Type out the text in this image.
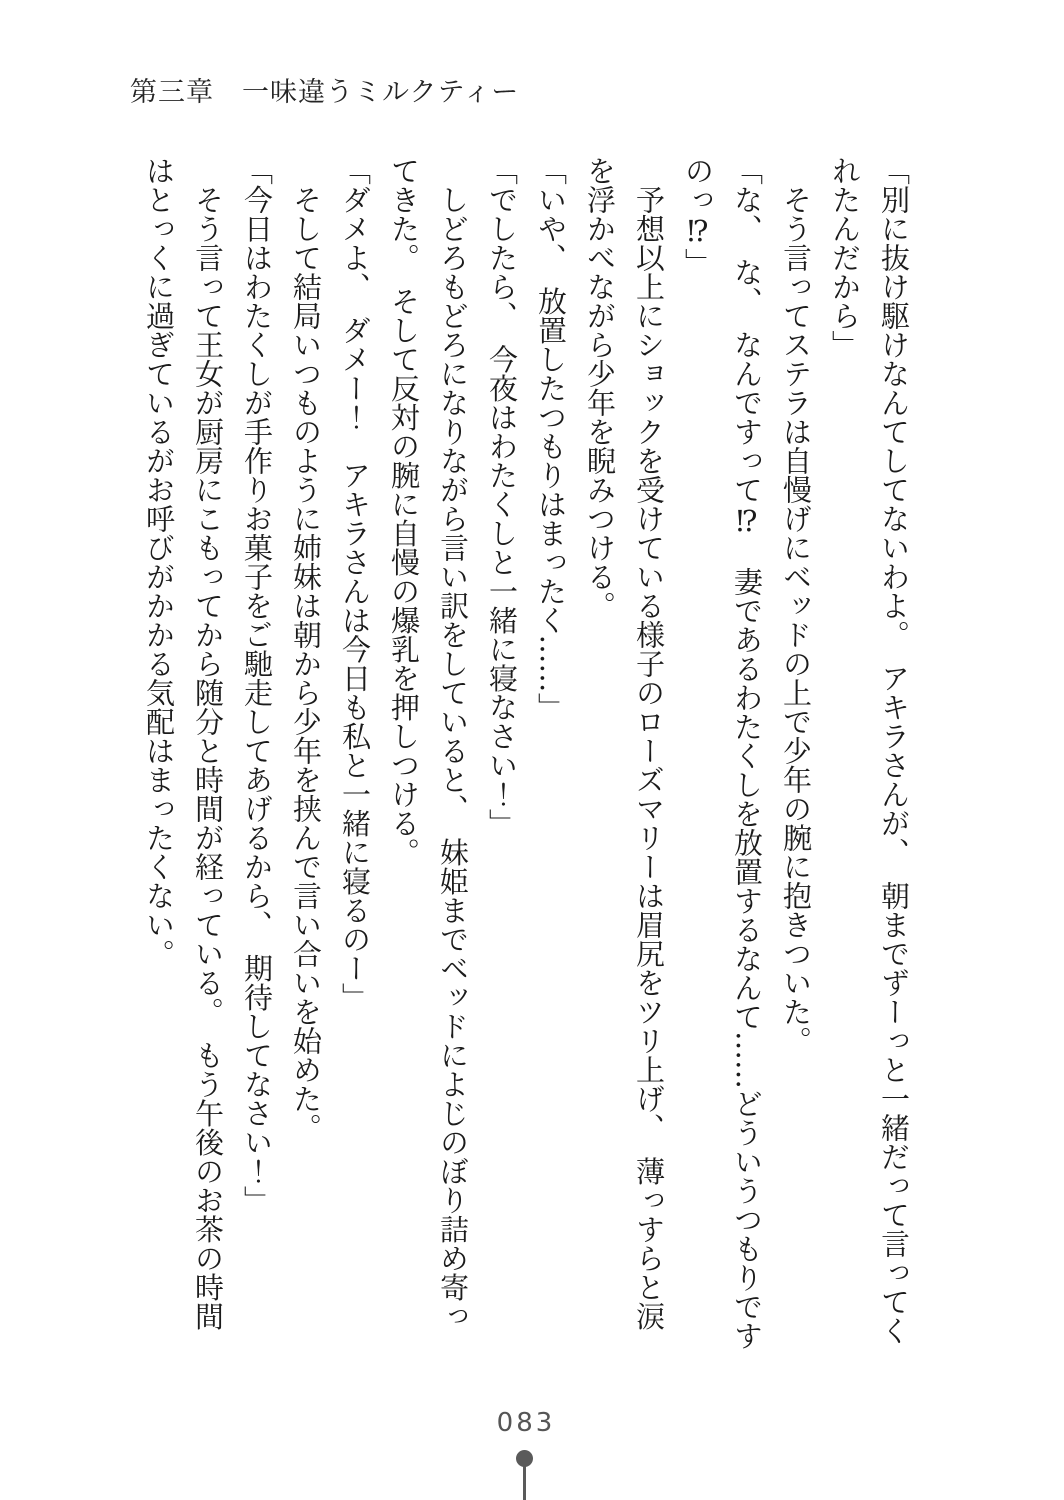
第三章　一味違うミルクティー
「別に抜け駆けなんてしてないわよ。　アキラさんが、　朝までずーっと一緒だって言ってく
れたんだから」
そう言ってステラは自慢げにベッドの上で少年の腕に抱きついた。
「な、　な、　なんですって⁉　妻であるわたくしを放置するなんて……どういうつもりです
のっ⁉」
予想以上にショックを受けている様子のローズマリーは眉尻をツリ上げ、　薄っすらと涙
を浮かべながら少年を睨みつける。
「いや、　放置したつもりはまったく……」
「でしたら、　今夜はわたくしと一緒に寝なさい！」
しどろもどろになりながら言い訳をしていると、　妹姫までベッドによじのぼり詰め寄っ
てきた。　そして反対の腕に自慢の爆乳を押しつける。
「ダメよ、　ダメー！　アキラさんは今日も私と一緒に寝るのー」
そして結局いつものように姉妹は朝から少年を挟んで言い合いを始めた。
「今日はわたくしが手作りお菓子をご馳走してあげるから、　期待してなさい！」
そう言って王女が厨房にこもってから随分と時間が経っている。　もう午後のお茶の時間
はとっくに過ぎているがお呼びがかかる気配はまったくない。
083
